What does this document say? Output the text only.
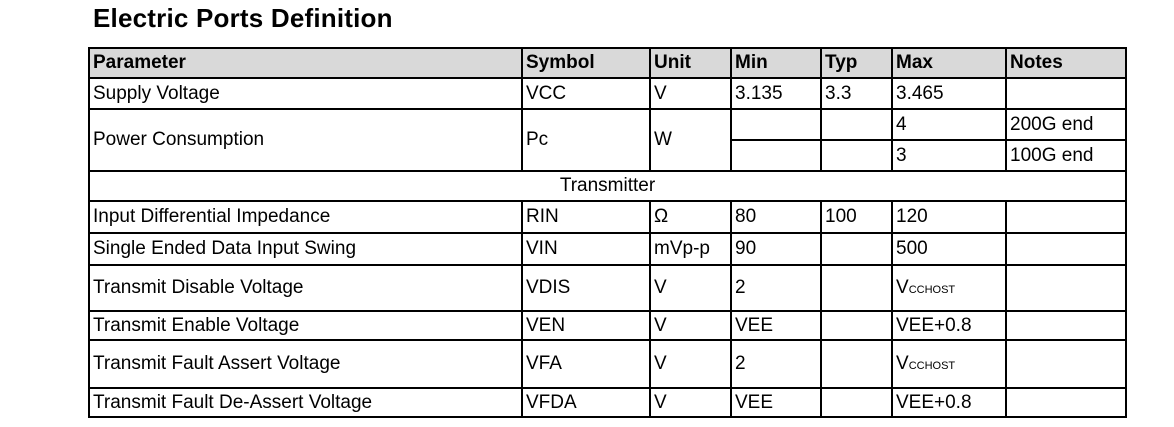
Electric Ports Definition
Parameter	Symbol	Unit	Min	Typ	Max	Notes
Supply Voltage	VCC	V	3.135	3.3	3.465	
Power Consumption	Pc	W			4	200G end
					3	100G end
Transmitter						
Input Differential Impedance	RIN	Ω	80	100	120	
Single Ended Data Input Swing	VIN	mVp-p	90		500	
Transmit Disable Voltage	VDIS	V	2		VCCHOST	
Transmit Enable Voltage	VEN	V	VEE		VEE+0.8	
Transmit Fault Assert Voltage	VFA	V	2		VCCHOST	
Transmit Fault De-Assert Voltage	VFDA	V	VEE		VEE+0.8	
